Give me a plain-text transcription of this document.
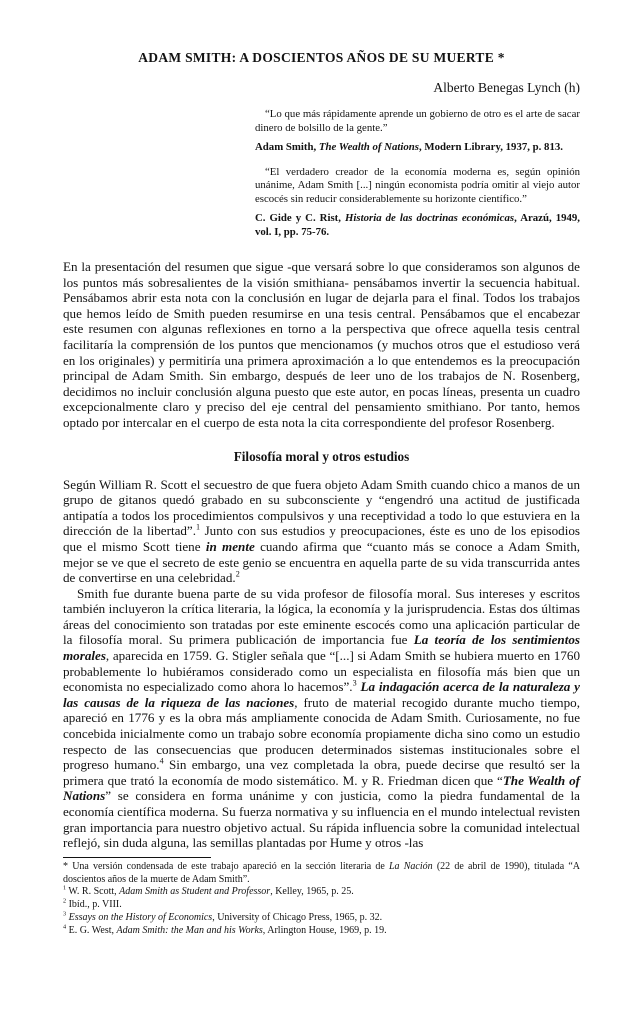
ADAM SMITH: A DOSCIENTOS AÑOS DE SU MUERTE *
Alberto Benegas Lynch (h)

“Lo que más rápidamente aprende un gobierno de otro es el arte de sacar dinero de bolsillo de la gente.”

Adam Smith, The Wealth of Nations, Modern Library, 1937, p. 813.

“El verdadero creador de la economía moderna es, según opinión unánime, Adam Smith [...] ningún economista podría omitir al viejo autor escocés sin reducir considerablemente su horizonte científico.”

C. Gide y C. Rist, Historia de las doctrinas económicas, Arazú, 1949, vol. I, pp. 75-76.

En la presentación del resumen que sigue -que versará sobre lo que consideramos son algunos de los puntos más sobresalientes de la visión smithiana- pensábamos invertir la secuencia habitual. Pensábamos abrir esta nota con la conclusión en lugar de dejarla para el final. Todos los trabajos que hemos leído de Smith pueden resumirse en una tesis central. Pensábamos que el encabezar este resumen con algunas reflexiones en torno a la perspectiva que ofrece aquella tesis central facilitaría la comprensión de los puntos que mencionamos (y muchos otros que el estudioso verá en los originales) y permitiría una primera aproximación a lo que entendemos es la preocupación principal de Adam Smith. Sin embargo, después de leer uno de los trabajos de N. Rosenberg, decidimos no incluir conclusión alguna puesto que este autor, en pocas líneas, presenta un cuadro excepcionalmente claro y preciso del eje central del pensamiento smithiano. Por tanto, hemos optado por intercalar en el cuerpo de esta nota la cita correspondiente del profesor Rosenberg.

Filosofía moral y otros estudios

Según William R. Scott el secuestro de que fuera objeto Adam Smith cuando chico a manos de un grupo de gitanos quedó grabado en su subconsciente y “engendró una actitud de justificada antipatía a todos los procedimientos compulsivos y una receptividad a todo lo que estuviera en la dirección de la libertad”.$^1$ Junto con sus estudios y preocupaciones, éste es uno de los episodios que el mismo Scott tiene in mente cuando afirma que “cuanto más se conoce a Adam Smith, mejor se ve que el secreto de este genio se encuentra en aquella parte de su vida transcurrida antes de convertirse en una celebridad.$^2$

Smith fue durante buena parte de su vida profesor de filosofía moral. Sus intereses y escritos también incluyeron la crítica literaria, la lógica, la economía y la jurisprudencia. Estas dos últimas áreas del conocimiento son tratadas por este eminente escocés como una aplicación particular de la filosofía moral. Su primera publicación de importancia fue La teoría de los sentimientos morales, aparecida en 1759. G. Stigler señala que “[...] si Adam Smith se hubiera muerto en 1760 probablemente lo hubiéramos considerado como un especialista en filosofía más bien que un economista no especializado como ahora lo hacemos”.$^3$ La indagación acerca de la naturaleza y las causas de la riqueza de las naciones, fruto de material recogido durante mucho tiempo, apareció en 1776 y es la obra más ampliamente conocida de Adam Smith. Curiosamente, no fue concebida inicialmente como un trabajo sobre economía propiamente dicha sino como un estudio respecto de las consecuencias que producen determinados sistemas institucionales sobre el progreso humano.$^4$ Sin embargo, una vez completada la obra, puede decirse que resultó ser la primera que trató la economía de modo sistemático. M. y R. Friedman dicen que “The Wealth of Nations” se considera en forma unánime y con justicia, como la piedra fundamental de la economía científica moderna. Su fuerza normativa y su influencia en el mundo intelectual revisten gran importancia para nuestro objetivo actual. Su rápida influencia sobre la comunidad intelectual reflejó, sin duda alguna, las semillas plantadas por Hume y otros -las

* Una versión condensada de este trabajo apareció en la sección literaria de La Nación (22 de abril de 1990), titulada “A doscientos años de la muerte de Adam Smith”.

$^1$ W. R. Scott, Adam Smith as Student and Professor, Kelley, 1965, p. 25.

$^2$ Ibíd., p. VIII.

$^3$ Essays on the History of Economics, University of Chicago Press, 1965, p. 32.

$^4$ E. G. West, Adam Smith: the Man and his Works, Arlington House, 1969, p. 19.
